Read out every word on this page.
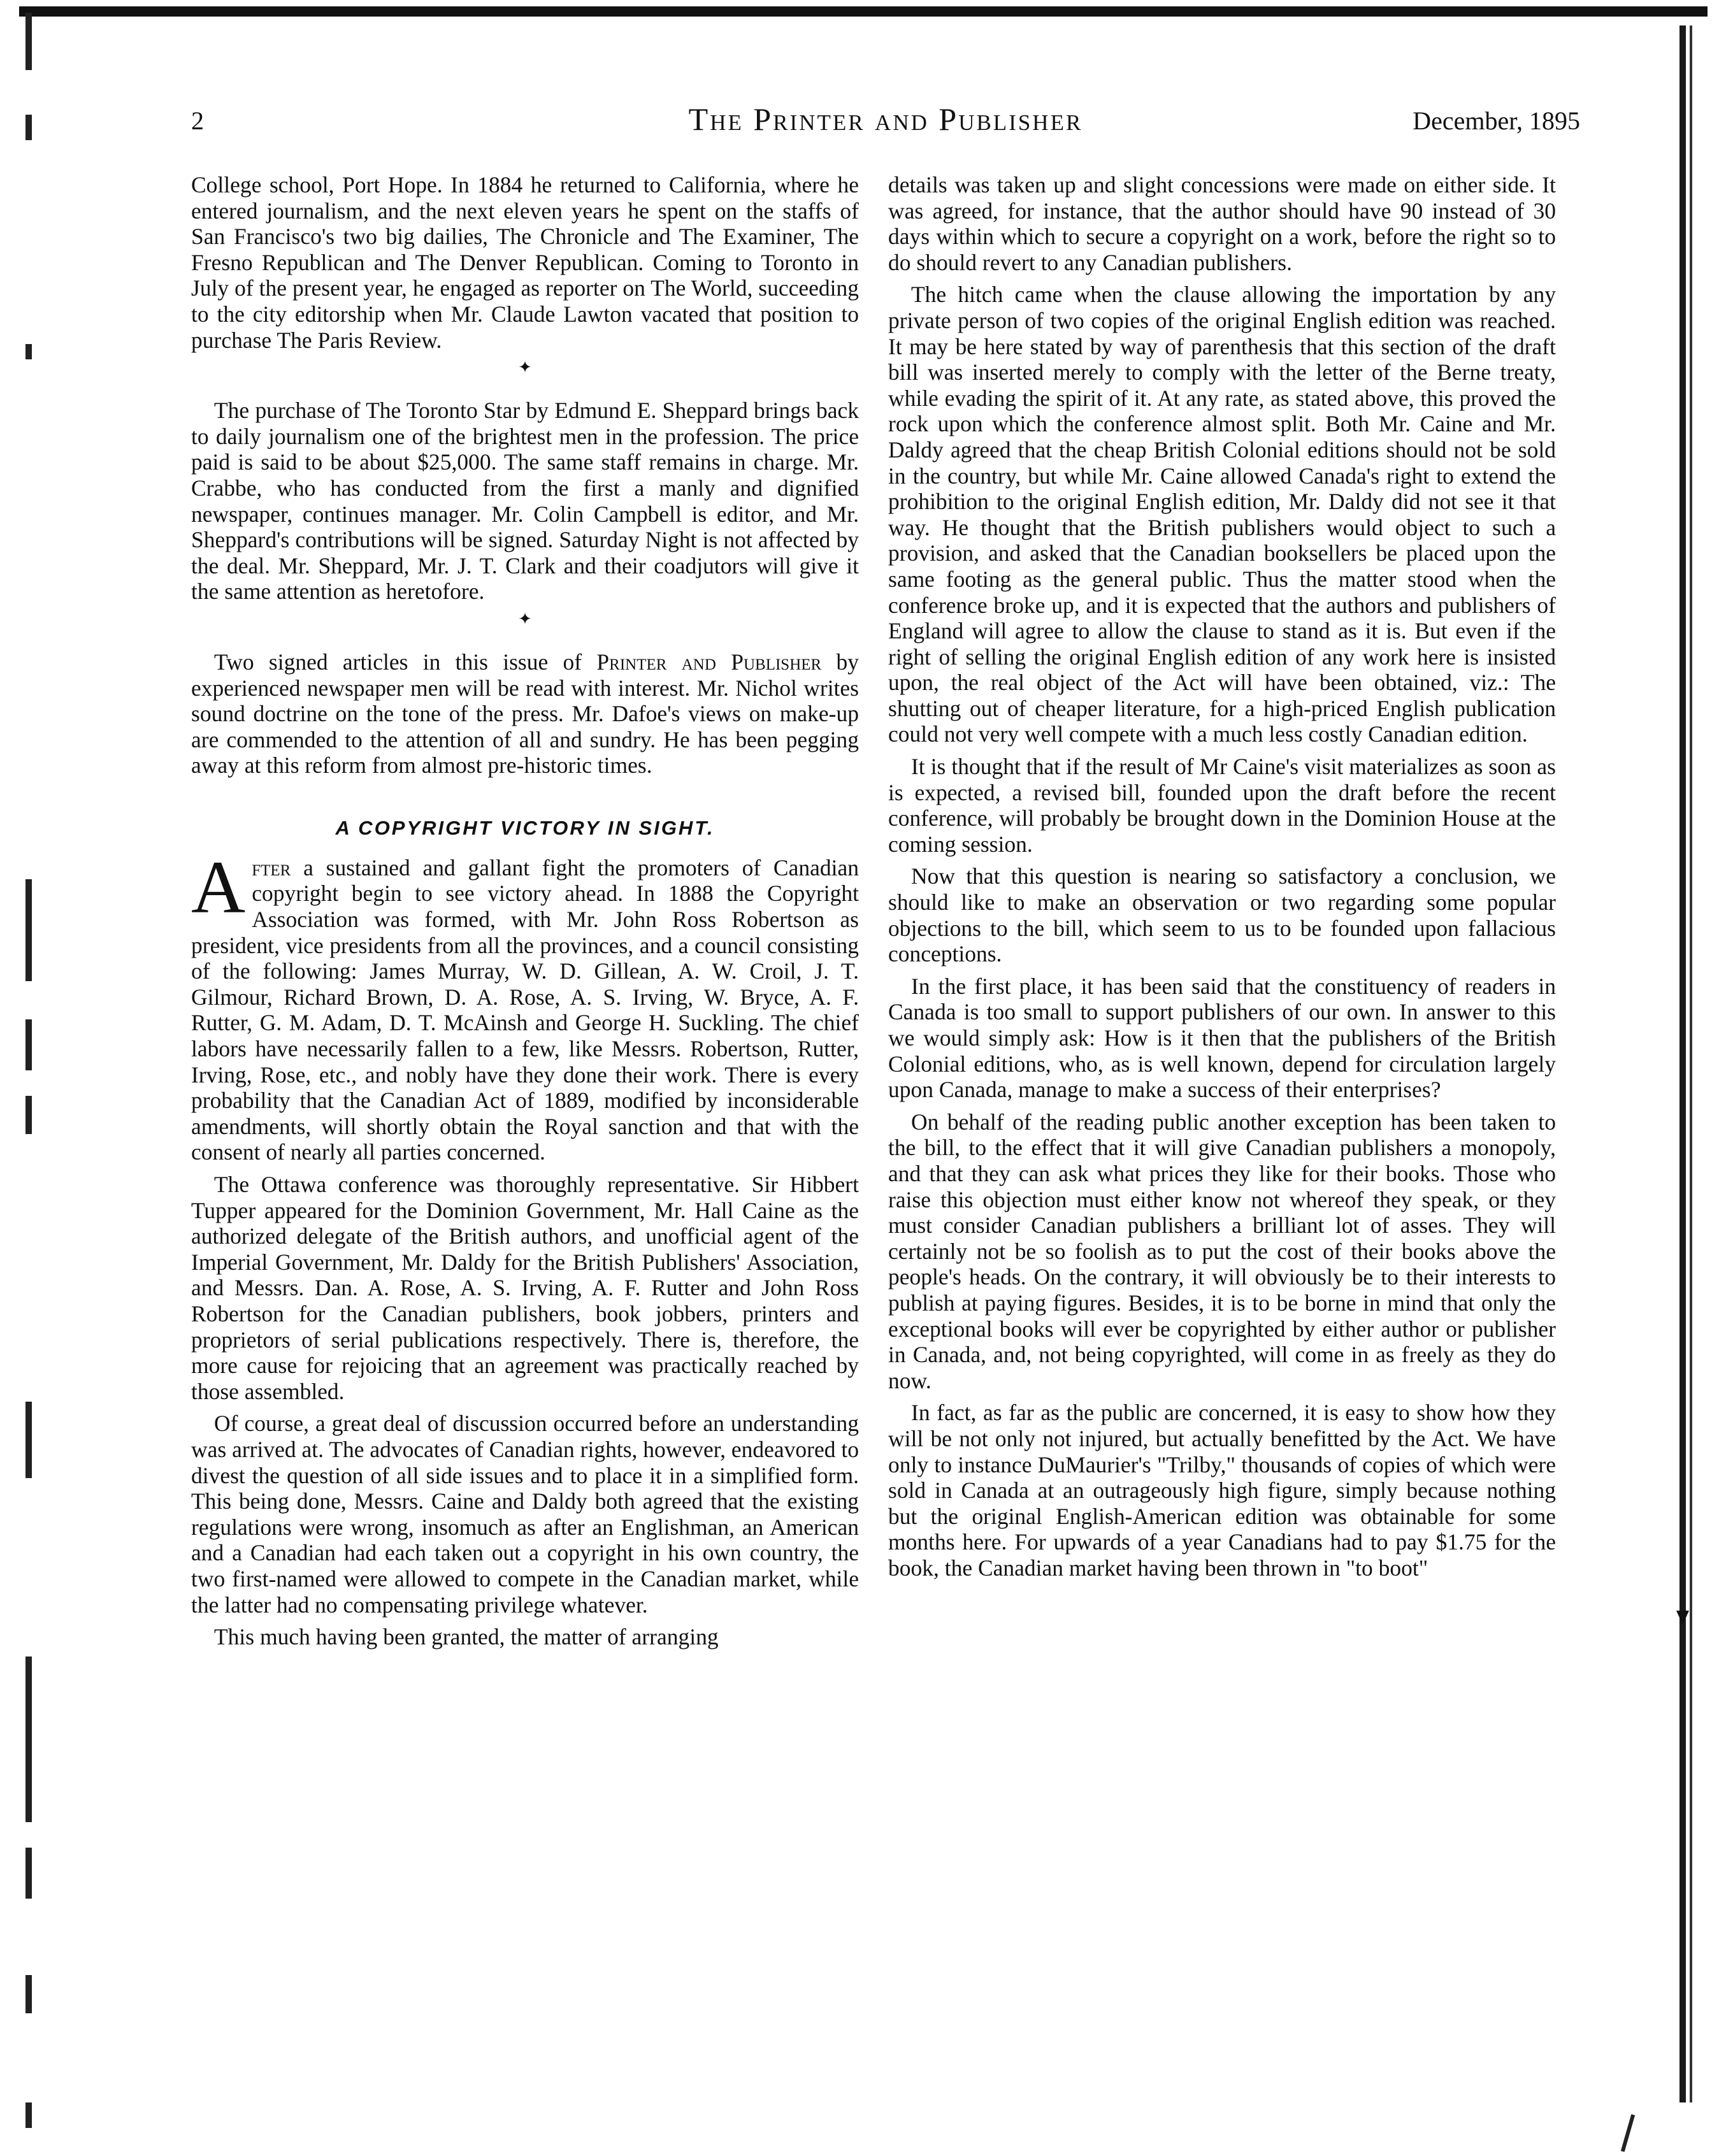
2	The Printer and Publisher	December, 1895

College school, Port Hope. In 1884 he returned to California, where he entered journalism, and the next eleven years he spent on the staffs of San Francisco's two big dailies, The Chronicle and The Examiner, The Fresno Republican and The Denver Republican. Coming to Toronto in July of the present year, he engaged as reporter on The World, succeeding to the city editorship when Mr. Claude Lawton vacated that position to purchase The Paris Review.

✦

The purchase of The Toronto Star by Edmund E. Sheppard brings back to daily journalism one of the brightest men in the profession. The price paid is said to be about $25,000. The same staff remains in charge. Mr. Crabbe, who has conducted from the first a manly and dignified newspaper, continues manager. Mr. Colin Campbell is editor, and Mr. Sheppard's contributions will be signed. Saturday Night is not affected by the deal. Mr. Sheppard, Mr. J. T. Clark and their coadjutors will give it the same attention as heretofore.

✦

Two signed articles in this issue of Printer and Publisher by experienced newspaper men will be read with interest. Mr. Nichol writes sound doctrine on the tone of the press. Mr. Dafoe's views on make-up are commended to the attention of all and sundry. He has been pegging away at this reform from almost pre-historic times.

A COPYRIGHT VICTORY IN SIGHT.

After a sustained and gallant fight the promoters of Canadian copyright begin to see victory ahead. In 1888 the Copyright Association was formed, with Mr. John Ross Robertson as president, vice presidents from all the provinces, and a council consisting of the following: James Murray, W. D. Gillean, A. W. Croil, J. T. Gilmour, Richard Brown, D. A. Rose, A. S. Irving, W. Bryce, A. F. Rutter, G. M. Adam, D. T. McAinsh and George H. Suckling. The chief labors have necessarily fallen to a few, like Messrs. Robertson, Rutter, Irving, Rose, etc., and nobly have they done their work. There is every probability that the Canadian Act of 1889, modified by inconsiderable amendments, will shortly obtain the Royal sanction and that with the consent of nearly all parties concerned.

The Ottawa conference was thoroughly representative. Sir Hibbert Tupper appeared for the Dominion Government, Mr. Hall Caine as the authorized delegate of the British authors, and unofficial agent of the Imperial Government, Mr. Daldy for the British Publishers' Association, and Messrs. Dan. A. Rose, A. S. Irving, A. F. Rutter and John Ross Robertson for the Canadian publishers, book jobbers, printers and proprietors of serial publications respectively. There is, therefore, the more cause for rejoicing that an agreement was practically reached by those assembled.

Of course, a great deal of discussion occurred before an understanding was arrived at. The advocates of Canadian rights, however, endeavored to divest the question of all side issues and to place it in a simplified form. This being done, Messrs. Caine and Daldy both agreed that the existing regulations were wrong, insomuch as after an Englishman, an American and a Canadian had each taken out a copyright in his own country, the two first-named were allowed to compete in the Canadian market, while the latter had no compensating privilege whatever.

This much having been granted, the matter of arranging

details was taken up and slight concessions were made on either side. It was agreed, for instance, that the author should have 90 instead of 30 days within which to secure a copyright on a work, before the right so to do should revert to any Canadian publishers.

The hitch came when the clause allowing the importation by any private person of two copies of the original English edition was reached. It may be here stated by way of parenthesis that this section of the draft bill was inserted merely to comply with the letter of the Berne treaty, while evading the spirit of it. At any rate, as stated above, this proved the rock upon which the conference almost split. Both Mr. Caine and Mr. Daldy agreed that the cheap British Colonial editions should not be sold in the country, but while Mr. Caine allowed Canada's right to extend the prohibition to the original English edition, Mr. Daldy did not see it that way. He thought that the British publishers would object to such a provision, and asked that the Canadian booksellers be placed upon the same footing as the general public. Thus the matter stood when the conference broke up, and it is expected that the authors and publishers of England will agree to allow the clause to stand as it is. But even if the right of selling the original English edition of any work here is insisted upon, the real object of the Act will have been obtained, viz.: The shutting out of cheaper literature, for a high-priced English publication could not very well compete with a much less costly Canadian edition.

It is thought that if the result of Mr Caine's visit materializes as soon as is expected, a revised bill, founded upon the draft before the recent conference, will probably be brought down in the Dominion House at the coming session.

Now that this question is nearing so satisfactory a conclusion, we should like to make an observation or two regarding some popular objections to the bill, which seem to us to be founded upon fallacious conceptions.

In the first place, it has been said that the constituency of readers in Canada is too small to support publishers of our own. In answer to this we would simply ask: How is it then that the publishers of the British Colonial editions, who, as is well known, depend for circulation largely upon Canada, manage to make a success of their enterprises?

On behalf of the reading public another exception has been taken to the bill, to the effect that it will give Canadian publishers a monopoly, and that they can ask what prices they like for their books. Those who raise this objection must either know not whereof they speak, or they must consider Canadian publishers a brilliant lot of asses. They will certainly not be so foolish as to put the cost of their books above the people's heads. On the contrary, it will obviously be to their interests to publish at paying figures. Besides, it is to be borne in mind that only the exceptional books will ever be copyrighted by either author or publisher in Canada, and, not being copyrighted, will come in as freely as they do now.

In fact, as far as the public are concerned, it is easy to show how they will be not only not injured, but actually benefitted by the Act. We have only to instance DuMaurier's "Trilby," thousands of copies of which were sold in Canada at an outrageously high figure, simply because nothing but the original English-American edition was obtainable for some months here. For upwards of a year Canadians had to pay $1.75 for the book, the Canadian market having been thrown in "to boot"
